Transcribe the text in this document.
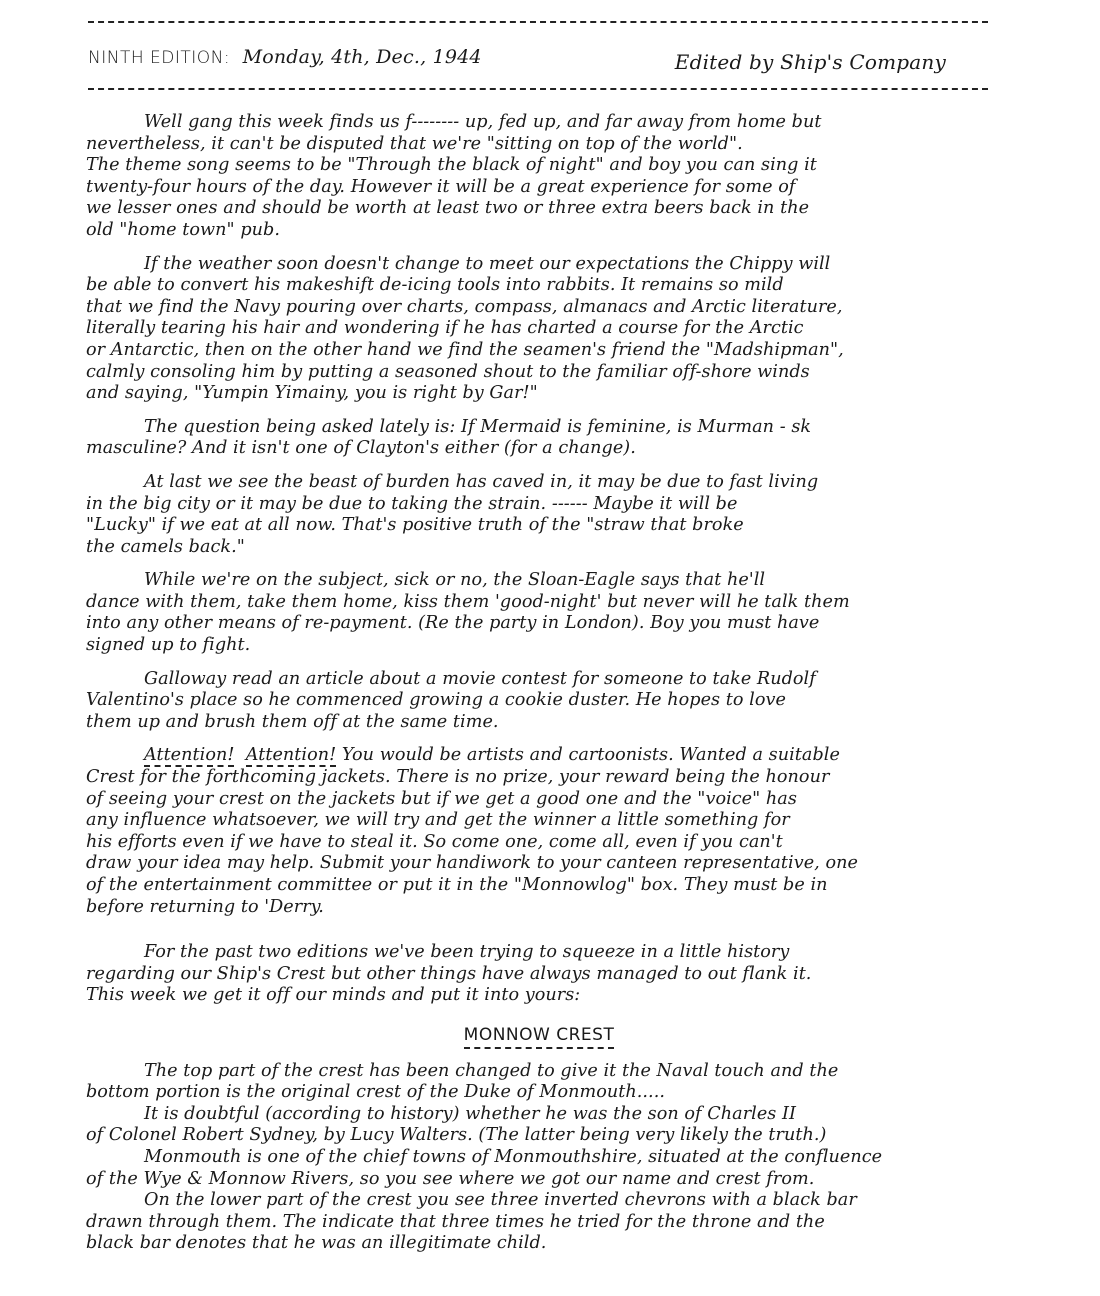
NINTH EDITION: Monday, 4th, Dec., 1944	Edited by Ship's Company

Well gang this week finds us f-------- up, fed up, and far away from home but
nevertheless, it can't be disputed that we're "sitting on top of the world".
The theme song seems to be "Through the black of night" and boy you can sing it
twenty-four hours of the day. However it will be a great experience for some of
we lesser ones and should be worth at least two or three extra beers back in the
old "home town" pub.

If the weather soon doesn't change to meet our expectations the Chippy will
be able to convert his makeshift de-icing tools into rabbits. It remains so mild
that we find the Navy pouring over charts, compass, almanacs and Arctic literature,
literally tearing his hair and wondering if he has charted a course for the Arctic
or Antarctic, then on the other hand we find the seamen's friend the "Madshipman",
calmly consoling him by putting a seasoned shout to the familiar off-shore winds
and saying, "Yumpin Yimainy, you is right by Gar!"

The question being asked lately is: If Mermaid is feminine, is Murman - sk
masculine? And it isn't one of Clayton's either (for a change).

At last we see the beast of burden has caved in, it may be due to fast living
in the big city or it may be due to taking the strain. ------ Maybe it will be
"Lucky" if we eat at all now. That's positive truth of the "straw that broke
the camels back."

While we're on the subject, sick or no, the Sloan-Eagle says that he'll
dance with them, take them home, kiss them 'good-night' but never will he talk them
into any other means of re-payment. (Re the party in London). Boy you must have
signed up to fight.

Galloway read an article about a movie contest for someone to take Rudolf
Valentino's place so he commenced growing a cookie duster. He hopes to love
them up and brush them off at the same time.

Attention! Attention! You would be artists and cartoonists. Wanted a suitable
Crest for the forthcoming jackets. There is no prize, your reward being the honour
of seeing your crest on the jackets but if we get a good one and the "voice" has
any influence whatsoever, we will try and get the winner a little something for
his efforts even if we have to steal it. So come one, come all, even if you can't
draw your idea may help. Submit your handiwork to your canteen representative, one
of the entertainment committee or put it in the "Monnowlog" box. They must be in
before returning to 'Derry.

For the past two editions we've been trying to squeeze in a little history
regarding our Ship's Crest but other things have always managed to out flank it.
This week we get it off our minds and put it into yours:

MONNOW CREST

The top part of the crest has been changed to give it the Naval touch and the
bottom portion is the original crest of the Duke of Monmouth.....

It is doubtful (according to history) whether he was the son of Charles II
of Colonel Robert Sydney, by Lucy Walters. (The latter being very likely the truth.)

Monmouth is one of the chief towns of Monmouthshire, situated at the confluence
of the Wye & Monnow Rivers, so you see where we got our name and crest from.

On the lower part of the crest you see three inverted chevrons with a black bar
drawn through them. The indicate that three times he tried for the throne and the
black bar denotes that he was an illegitimate child.
